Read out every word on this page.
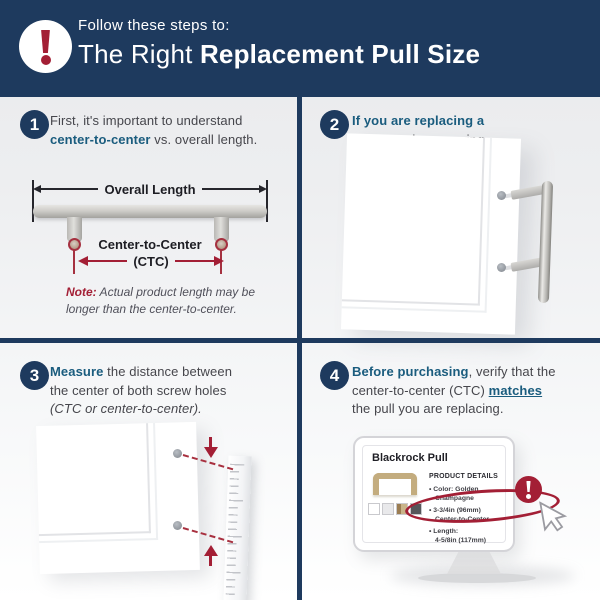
Follow these steps to:
The Right Replacement Pull Size
1 First, it's important to understand
center-to-center vs. overall length.
Overall Length
Center-to-Center
(CTC)
Note: Actual product length may be
longer than the center-to-center.
2 If you are replacing a

3 Measure the distance between
the center of both screw holes
(CTC or center-to-center).
4 Before purchasing, verify that the
center-to-center (CTC) matches
the pull you are replacing.
Blackrock Pull
PRODUCT DETAILS
• Color: Golden
Champagne
• 3-3/4in (96mm)
Center-to-Center
• Length:
4-5/8in (117mm)
